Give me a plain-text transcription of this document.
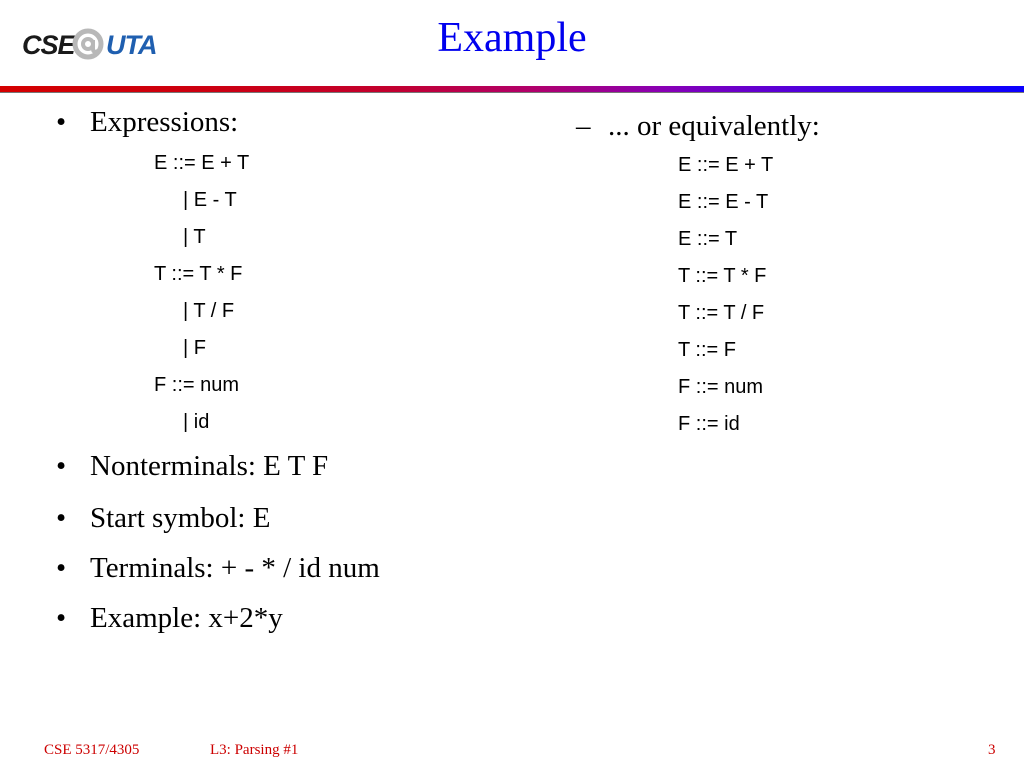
CSE UTA	Example
• Expressions:
E ::= E + T
| E - T
| T
T ::= T * F
| T / F
| F
F ::= num
| id
• Nonterminals: E T F
• Start symbol: E
• Terminals: + - * / id num
• Example: x+2*y
– ... or equivalently:
E ::= E + T
E ::= E - T
E ::= T
T ::= T * F
T ::= T / F
T ::= F
F ::= num
F ::= id
CSE 5317/4305	L3: Parsing #1	3
